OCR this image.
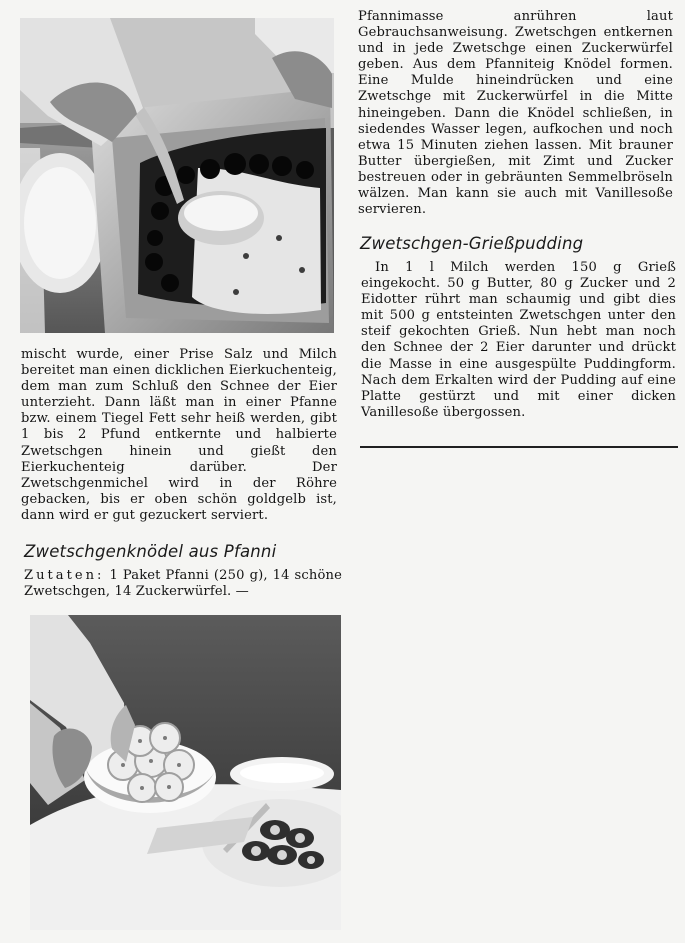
mischt wurde, einer Prise Salz und Milch bereitet man einen dicklichen Eierkuchenteig, dem man zum Schluß den Schnee der Eier unterzieht. Dann läßt man in einer Pfanne bzw. einem Tiegel Fett sehr heiß werden, gibt 1 bis 2 Pfund entkernte und halbierte Zwetschgen hinein und gießt den Eierkuchenteig darüber. Der Zwetschgenmichel wird in der Röhre gebacken, bis er oben schön goldgelb ist, dann wird er gut gezuckert serviert.

Zwetschgenknödel aus Pfanni

Zutaten: 1 Paket Pfanni (250 g), 14 schöne Zwetschgen, 14 Zuckerwürfel. —

Pfannimasse anrühren laut Gebrauchsanweisung. Zwetschgen entkernen und in jede Zwetschge einen Zuckerwürfel geben. Aus dem Pfanniteig Knödel formen. Eine Mulde hineindrücken und eine Zwetschge mit Zuckerwürfel in die Mitte hineingeben. Dann die Knödel schließen, in siedendes Wasser legen, aufkochen und noch etwa 15 Minuten ziehen lassen. Mit brauner Butter übergießen, mit Zimt und Zucker bestreuen oder in gebräunten Semmelbröseln wälzen. Man kann sie auch mit Vanillesoße servieren.

Zwetschgen-Grießpudding

In 1 l Milch werden 150 g Grieß eingekocht. 50 g Butter, 80 g Zucker und 2 Eidotter rührt man schaumig und gibt dies mit 500 g entsteinten Zwetschgen unter den steif gekochten Grieß. Nun hebt man noch den Schnee der 2 Eier darunter und drückt die Masse in eine ausgespülte Puddingform. Nach dem Erkalten wird der Pudding auf eine Platte gestürzt und mit einer dicken Vanillesoße übergossen.
